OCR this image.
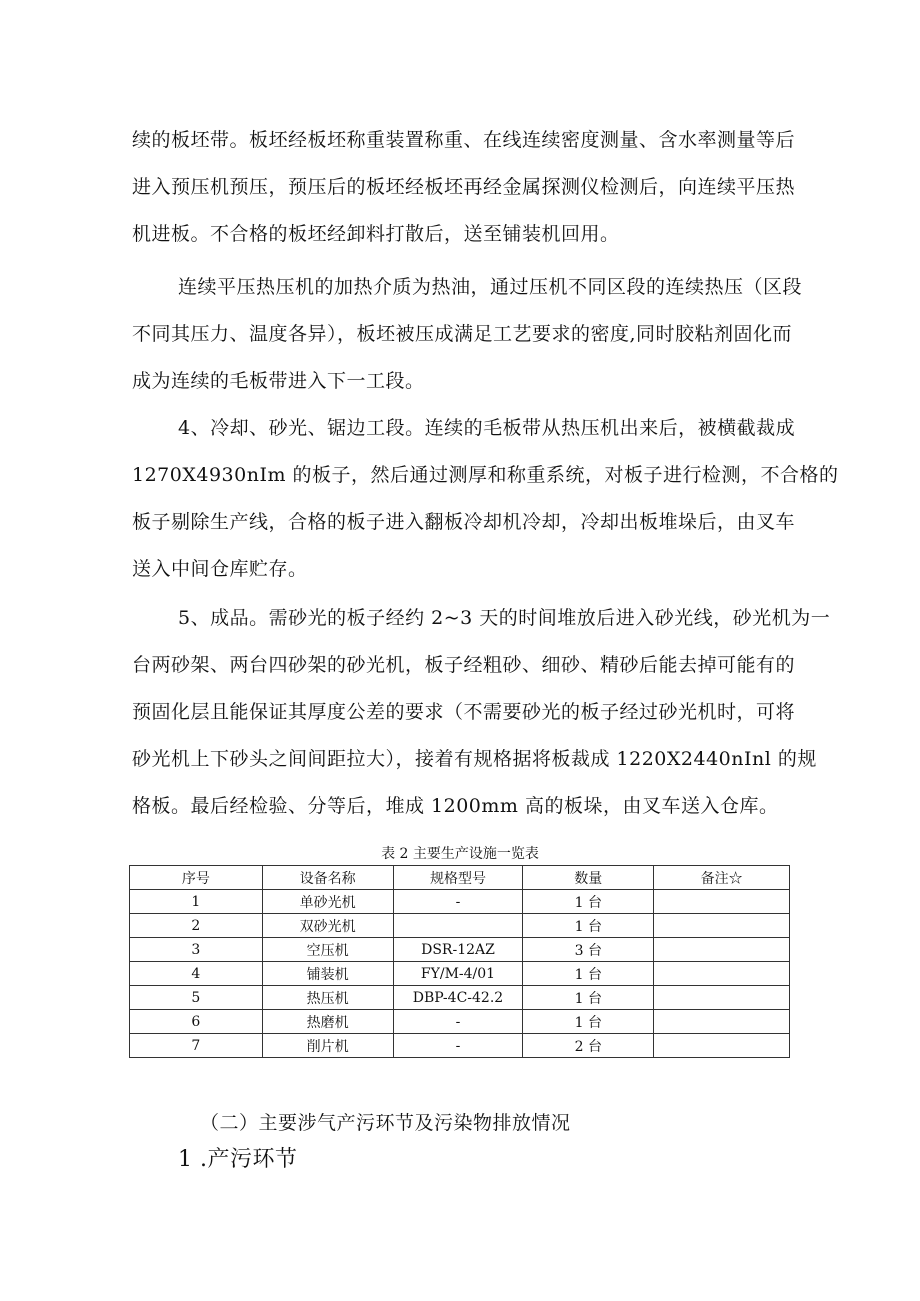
续的板坯带。板坯经板坯称重装置称重、在线连续密度测量、含水率测量等后
进入预压机预压，预压后的板坯经板坯再经金属探测仪检测后，向连续平压热
机进板。不合格的板坯经卸料打散后，送至铺装机回用。
连续平压热压机的加热介质为热油，通过压机不同区段的连续热压（区段
不同其压力、温度各异），板坯被压成满足工艺要求的密度,同时胶粘剂固化而
成为连续的毛板带进入下一工段。
4、冷却、砂光、锯边工段。连续的毛板带从热压机出来后，被横截裁成
1270X4930nIm 的板子，然后通过测厚和称重系统，对板子进行检测，不合格的
板子剔除生产线，合格的板子进入翻板冷却机冷却，冷却出板堆垛后，由叉车
送入中间仓库贮存。
5、成品。需砂光的板子经约 2~3 天的时间堆放后进入砂光线，砂光机为一
台两砂架、两台四砂架的砂光机，板子经粗砂、细砂、精砂后能去掉可能有的
预固化层且能保证其厚度公差的要求（不需要砂光的板子经过砂光机时，可将
砂光机上下砂头之间间距拉大），接着有规格据将板裁成 1220X2440nInl 的规
格板。最后经检验、分等后，堆成 1200mm 高的板垛，由叉车送入仓库。
表 2 主要生产设施一览表
序号	设备名称	规格型号	数量	备注☆
1	单砂光机	-	1 台	
2	双砂光机		1 台	
3	空压机	DSR-12AZ	3 台	
4	铺装机	FY/M-4/01	1 台	
5	热压机	DBP-4C-42.2	1 台	
6	热磨机	-	1 台	
7	削片机	-	2 台	
（二）主要涉气产污环节及污染物排放情况
1 .产污环节
